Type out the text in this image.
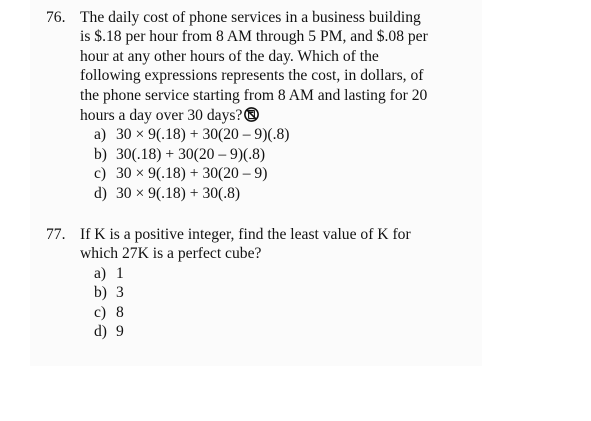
76. The daily cost of phone services in a business building
is $.18 per hour from 8 AM through 5 PM, and $.08 per
hour at any other hours of the day. Which of the
following expressions represents the cost, in dollars, of
the phone service starting from 8 AM and lasting for 20
hours a day over 30 days?
a) 30 × 9(.18) + 30(20 – 9)(.8)
b) 30(.18) + 30(20 – 9)(.8)
c) 30 × 9(.18) + 30(20 – 9)
d) 30 × 9(.18) + 30(.8)
77. If K is a positive integer, find the least value of K for
which 27K is a perfect cube?
a) 1
b) 3
c) 8
d) 9
